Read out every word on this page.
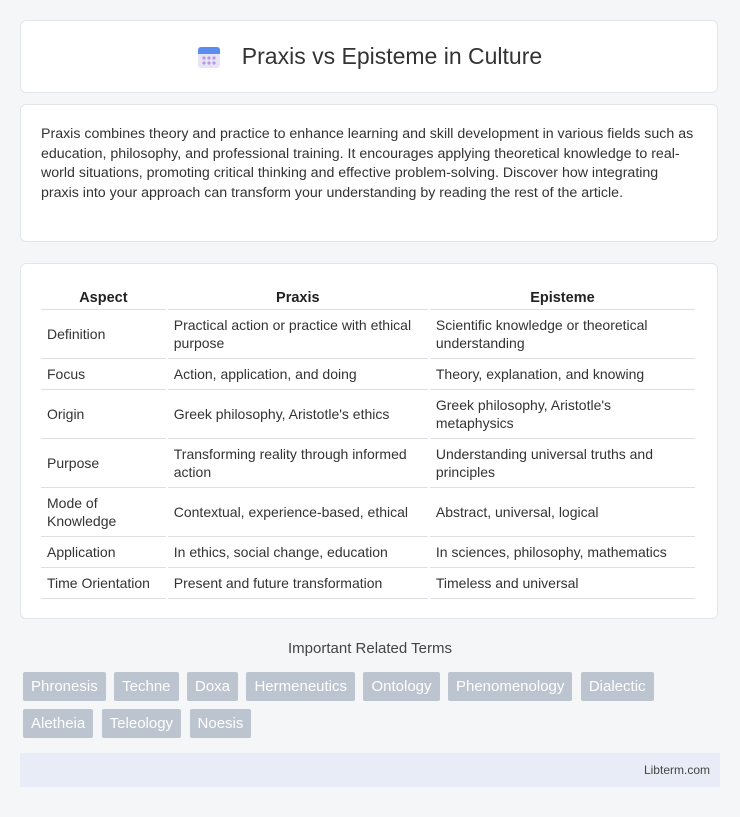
Praxis vs Episteme in Culture

Praxis combines theory and practice to enhance learning and skill development in various fields such as education, philosophy, and professional training. It encourages applying theoretical knowledge to real-world situations, promoting critical thinking and effective problem-solving. Discover how integrating praxis into your approach can transform your understanding by reading the rest of the article.

Aspect	Praxis	Episteme
Definition	Practical action or practice with ethical purpose	Scientific knowledge or theoretical understanding
Focus	Action, application, and doing	Theory, explanation, and knowing
Origin	Greek philosophy, Aristotle's ethics	Greek philosophy, Aristotle's metaphysics
Purpose	Transforming reality through informed action	Understanding universal truths and principles
Mode of Knowledge	Contextual, experience-based, ethical	Abstract, universal, logical
Application	In ethics, social change, education	In sciences, philosophy, mathematics
Time Orientation	Present and future transformation	Timeless and universal
Important Related Terms
Phronesis Techne Doxa Hermeneutics Ontology Phenomenology Dialectic Aletheia Teleology Noesis
Libterm.com
